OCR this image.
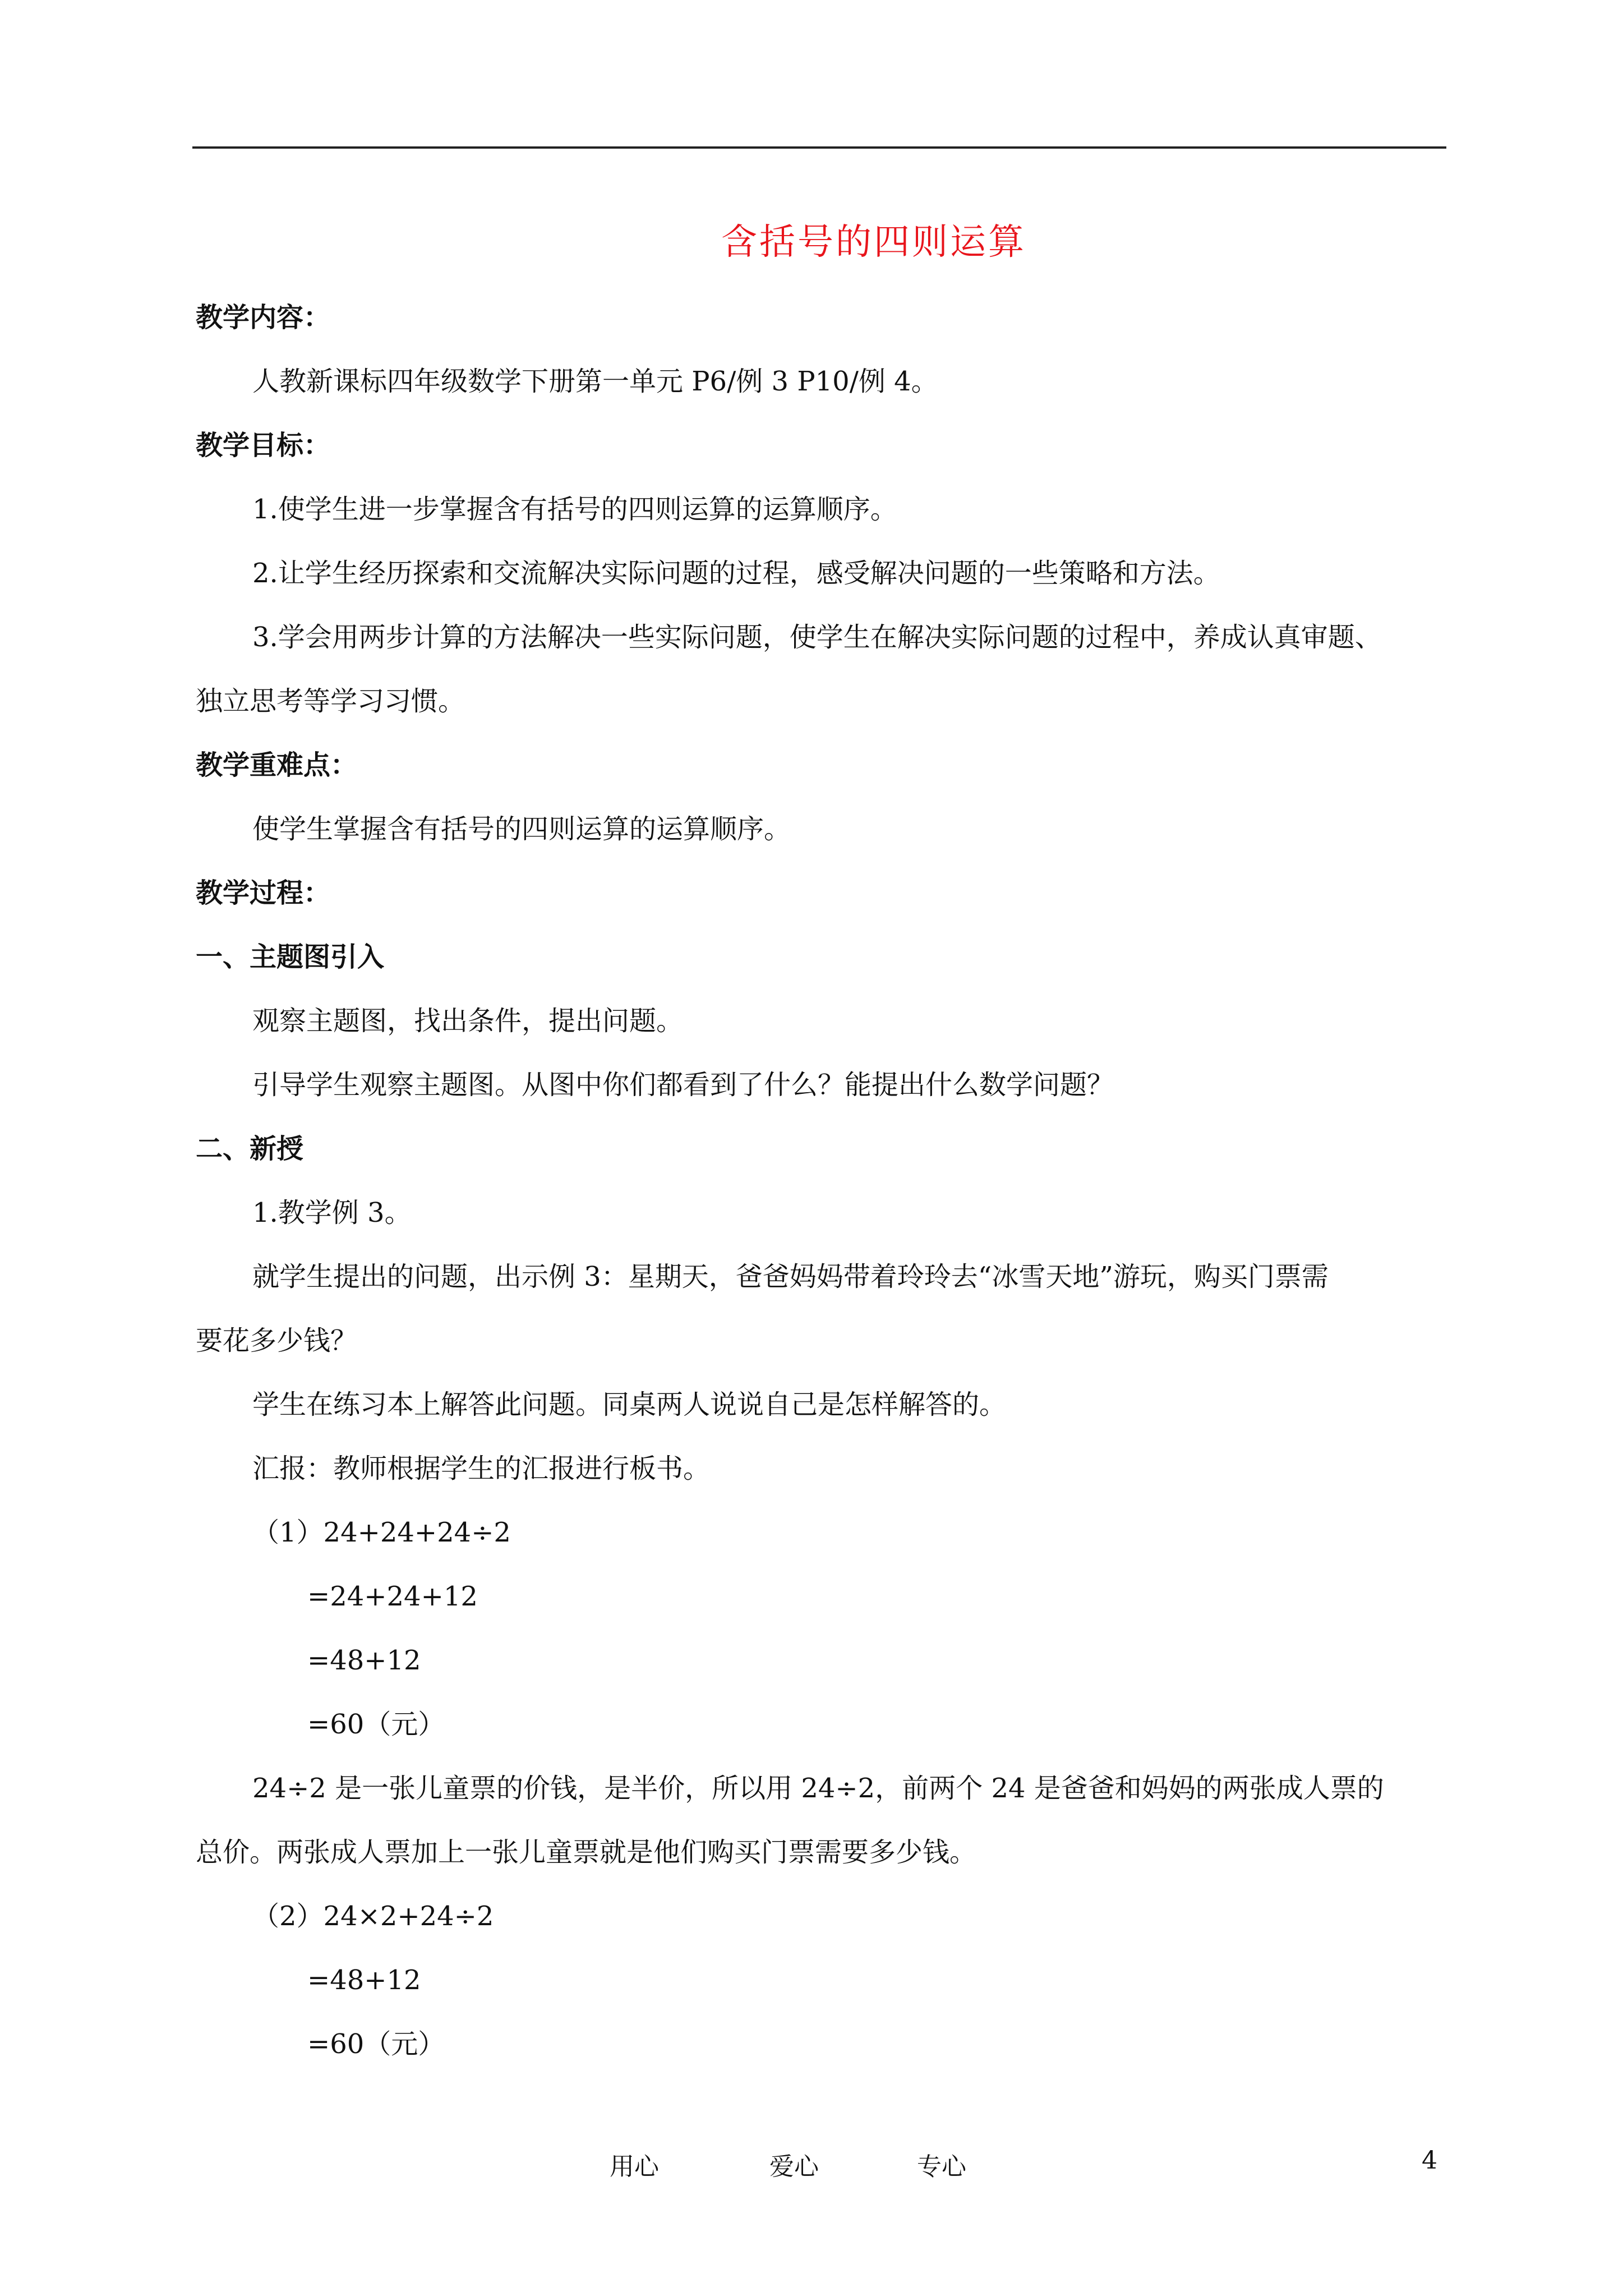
含括号的四则运算
教学内容：
人教新课标四年级数学下册第一单元 P6/例 3 P10/例 4。
教学目标：
1.使学生进一步掌握含有括号的四则运算的运算顺序。
2.让学生经历探索和交流解决实际问题的过程，感受解决问题的一些策略和方法。
3.学会用两步计算的方法解决一些实际问题，使学生在解决实际问题的过程中，养成认真审题、
独立思考等学习习惯。
教学重难点：
使学生掌握含有括号的四则运算的运算顺序。
教学过程：
一、主题图引入
观察主题图，找出条件，提出问题。
引导学生观察主题图。从图中你们都看到了什么？能提出什么数学问题？
二、新授
1.教学例 3。
就学生提出的问题，出示例 3：星期天，爸爸妈妈带着玲玲去“冰雪天地”游玩，购买门票需
要花多少钱？
学生在练习本上解答此问题。同桌两人说说自己是怎样解答的。
汇报：教师根据学生的汇报进行板书。
（1）24+24+24÷2
=24+24+12
=48+12
=60（元）
24÷2 是一张儿童票的价钱，是半价，所以用 24÷2，前两个 24 是爸爸和妈妈的两张成人票的
总价。两张成人票加上一张儿童票就是他们购买门票需要多少钱。
（2）24×2+24÷2
=48+12
=60（元）
用心	爱心	专心	4
